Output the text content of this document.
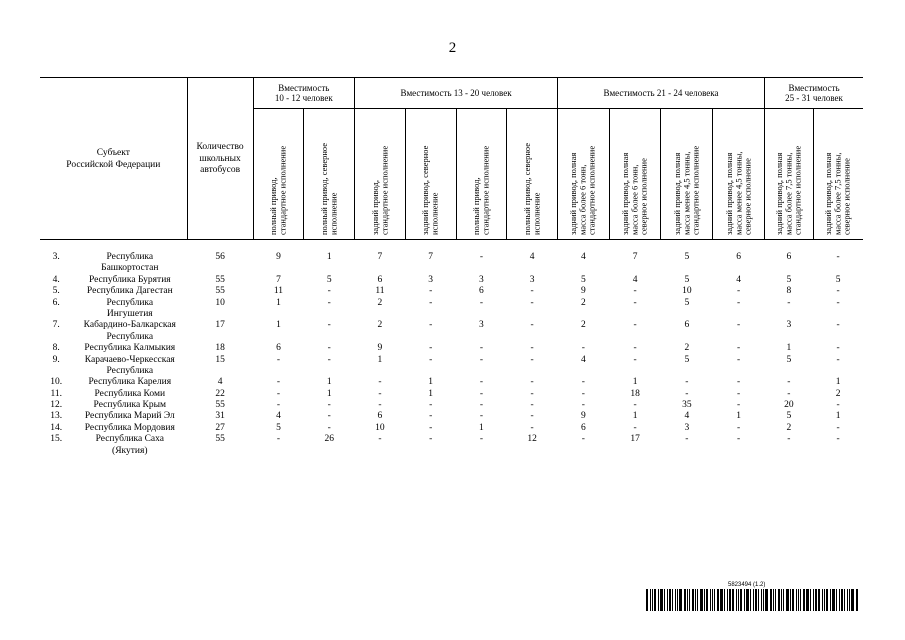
2
Субъект
Российской Федерации		Количество
школьных
автобусов	Вместимость
10 - 12 человек		Вместимость 13 - 20 человек				Вместимость 21 - 24 человека				Вместимость
25 - 31 человек	
			полный привод,
стандартное исполнение	полный привод, северное
исполнение	задний привод,
стандартное исполнение	задний привод, северное
исполнение	полный привод,
стандартное исполнение	полный привод, северное
исполнение	задний привод, полная
масса более 6 тонн,
стандартное исполнение	задний привод, полная
масса более 6 тонн,
северное исполнение	задний привод, полная
масса менее 4,5 тонны,
стандартное исполнение	задний привод, полная
масса менее 4,5 тонны,
северное исполнение	задний привод, полная
масса более 7,5 тонны,
стандартное исполнение	задний привод, полная
масса более 7,5 тонны,
северное исполнение
3.	Республика
Башкортостан	56	9	1	7	7	-	4	4	7	5	6	6	-
4.	Республика Бурятия	55	7	5	6	3	3	3	5	4	5	4	5	5
5.	Республика Дагестан	55	11	-	11	-	6	-	9	-	10	-	8	-
6.	Республика
Ингушетия	10	1	-	2	-	-	-	2	-	5	-	-	-
7.	Кабардино-Балкарская
Республика	17	1	-	2	-	3	-	2	-	6	-	3	-
8.	Республика Калмыкия	18	6	-	9	-	-	-	-	-	2	-	1	-
9.	Карачаево-Черкесская
Республика	15	-	-	1	-	-	-	4	-	5	-	5	-
10.	Республика Карелия	4	-	1	-	1	-	-	-	1	-	-	-	1
11.	Республика Коми	22	-	1	-	1	-	-	-	18	-	-	-	2
12.	Республика Крым	55	-	-	-	-	-	-	-	-	35	-	20	-
13.	Республика Марий Эл	31	4	-	6	-	-	-	9	1	4	1	5	1
14.	Республика Мордовия	27	5	-	10	-	1	-	6	-	3	-	2	-
15.	Республика Саха
(Якутия)	55	-	26	-	-	-	12	-	17	-	-	-	-
5823494 (1.2)
